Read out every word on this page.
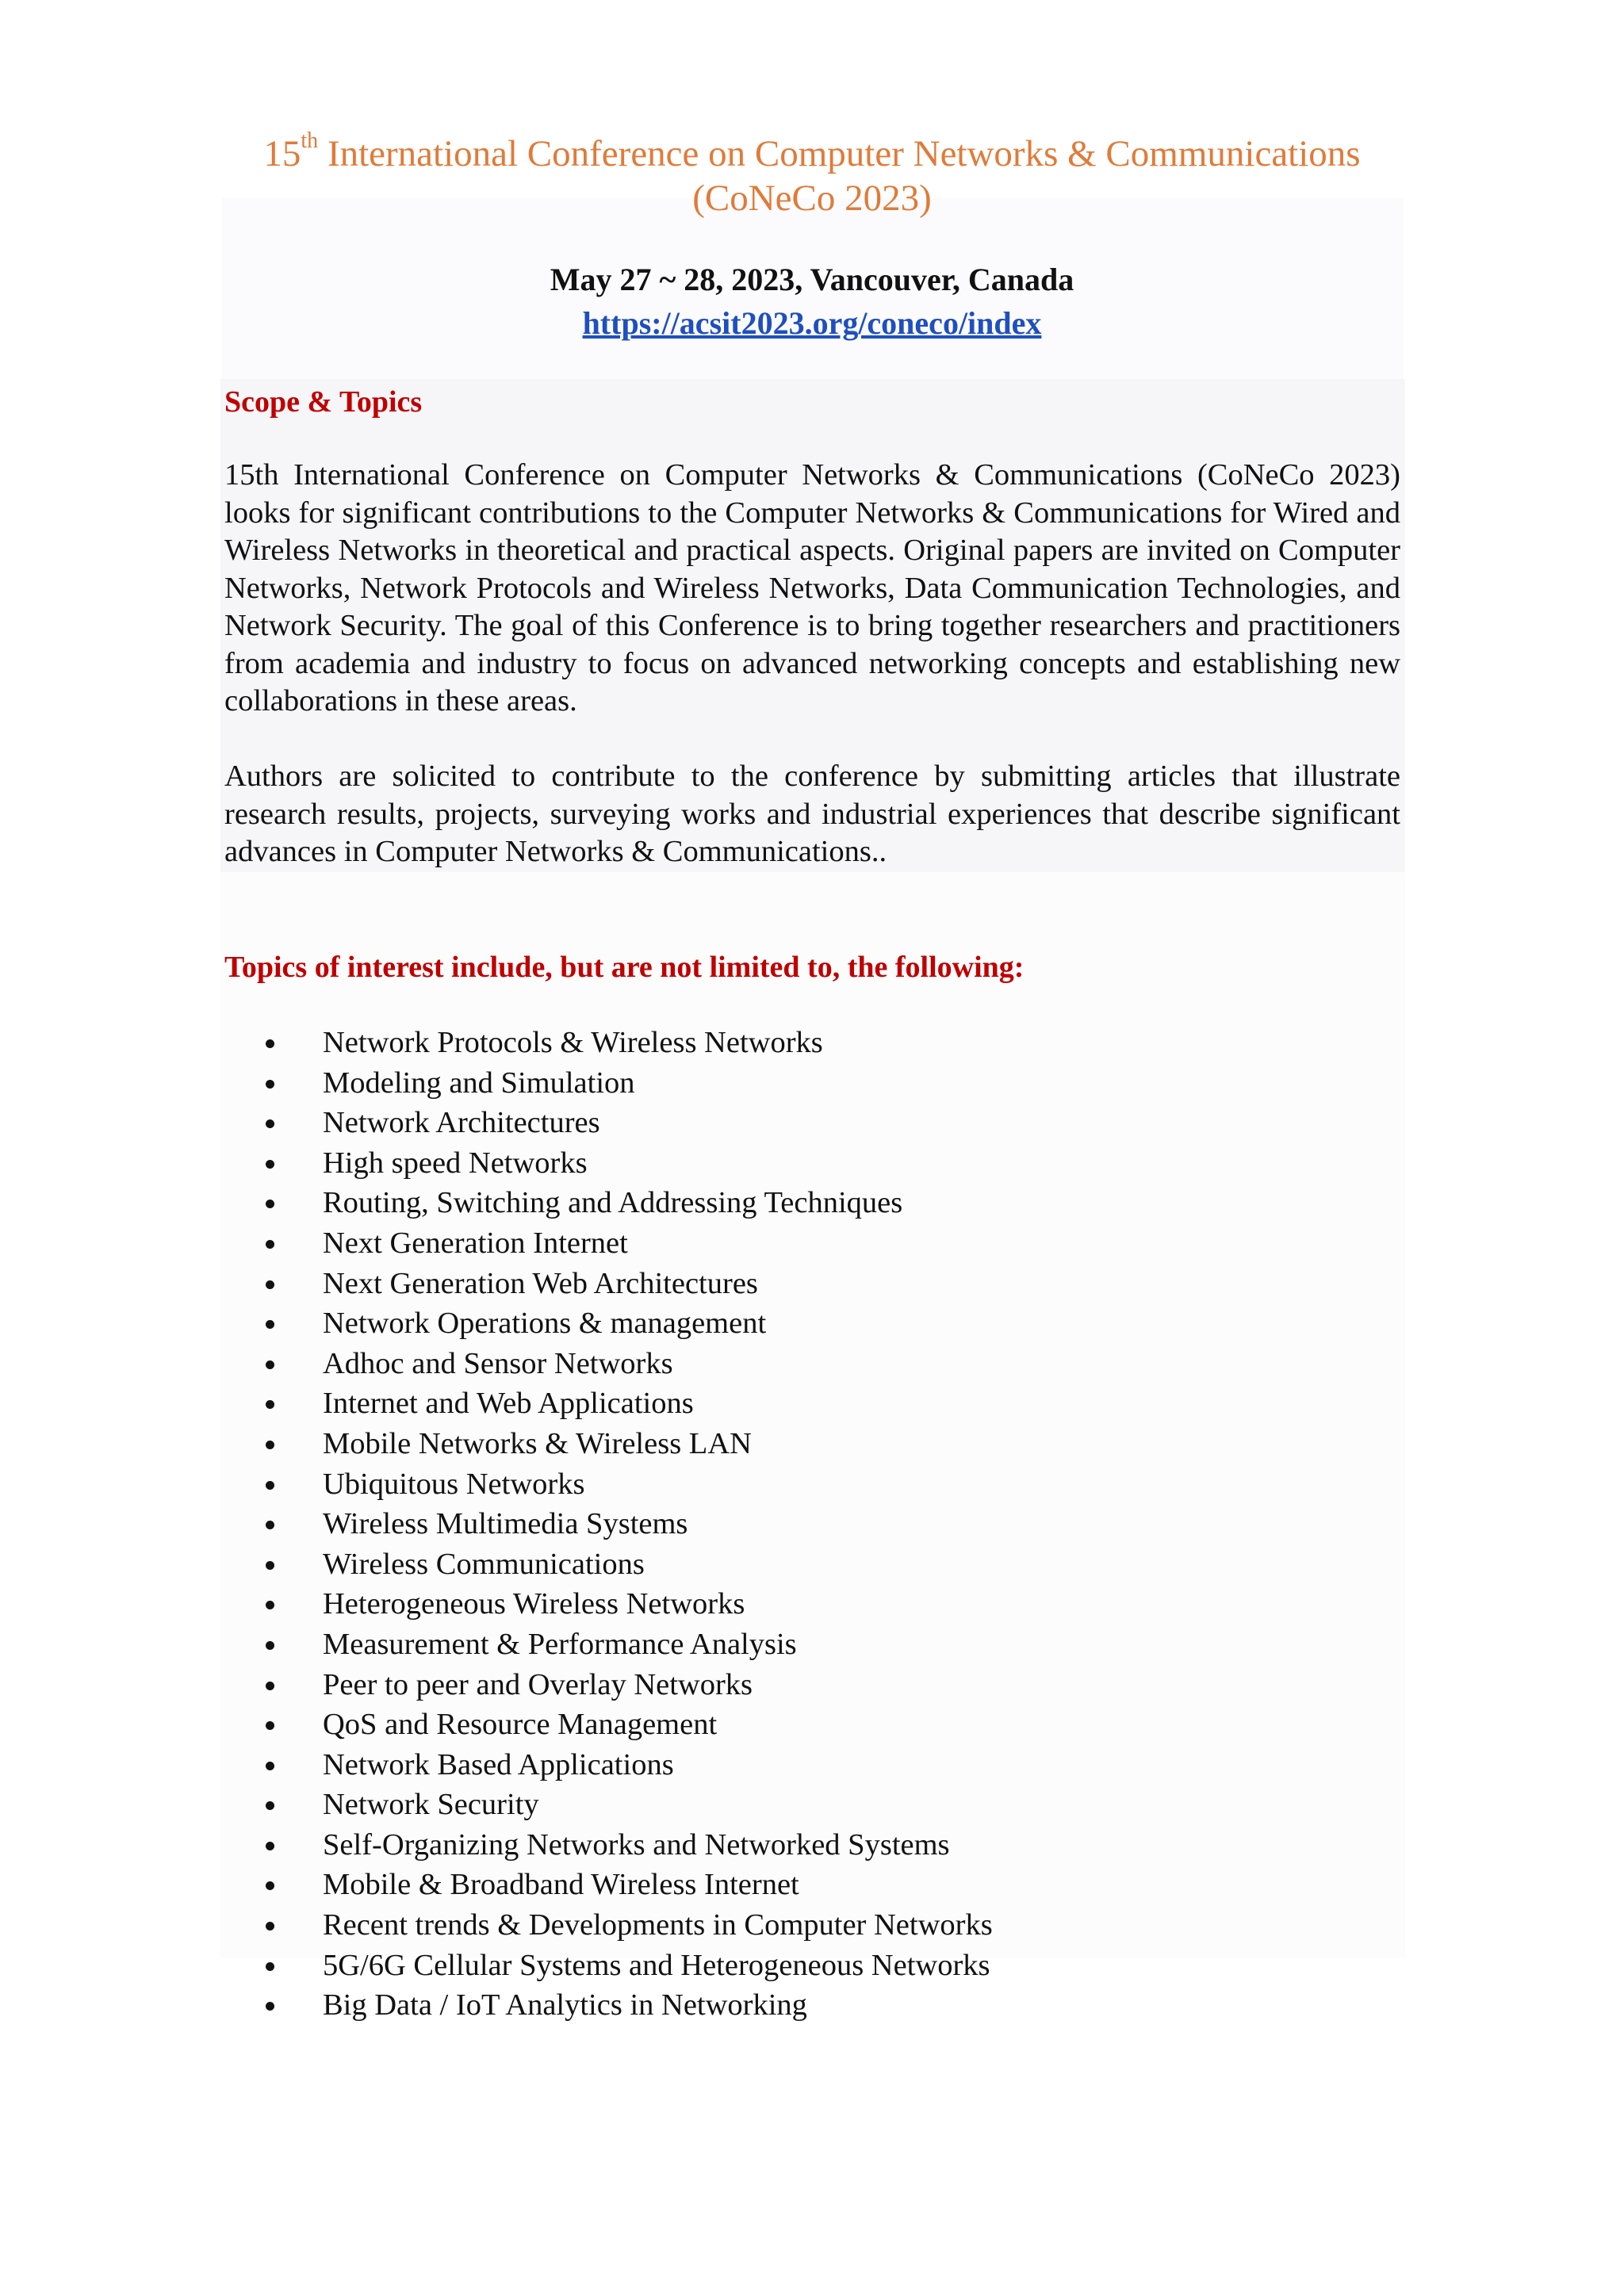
15th International Conference on Computer Networks & Communications
(CoNeCo 2023)
May 27 ~ 28, 2023, Vancouver, Canada
https://acsit2023.org/coneco/index
Scope & Topics
15th International Conference on Computer Networks & Communications (CoNeCo 2023) looks for significant contributions to the Computer Networks & Communications for Wired and Wireless Networks in theoretical and practical aspects. Original papers are invited on Computer Networks, Network Protocols and Wireless Networks, Data Communication Technologies, and Network Security. The goal of this Conference is to bring together researchers and practitioners from academia and industry to focus on advanced networking concepts and establishing new collaborations in these areas.
Authors are solicited to contribute to the conference by submitting articles that illustrate research results, projects, surveying works and industrial experiences that describe significant advances in Computer Networks & Communications..
Topics of interest include, but are not limited to, the following:
Network Protocols & Wireless Networks
Modeling and Simulation
Network Architectures
High speed Networks
Routing, Switching and Addressing Techniques
Next Generation Internet
Next Generation Web Architectures
Network Operations & management
Adhoc and Sensor Networks
Internet and Web Applications
Mobile Networks & Wireless LAN
Ubiquitous Networks
Wireless Multimedia Systems
Wireless Communications
Heterogeneous Wireless Networks
Measurement & Performance Analysis
Peer to peer and Overlay Networks
QoS and Resource Management
Network Based Applications
Network Security
Self-Organizing Networks and Networked Systems
Mobile & Broadband Wireless Internet
Recent trends & Developments in Computer Networks
5G/6G Cellular Systems and Heterogeneous Networks
Big Data / IoT Analytics in Networking
